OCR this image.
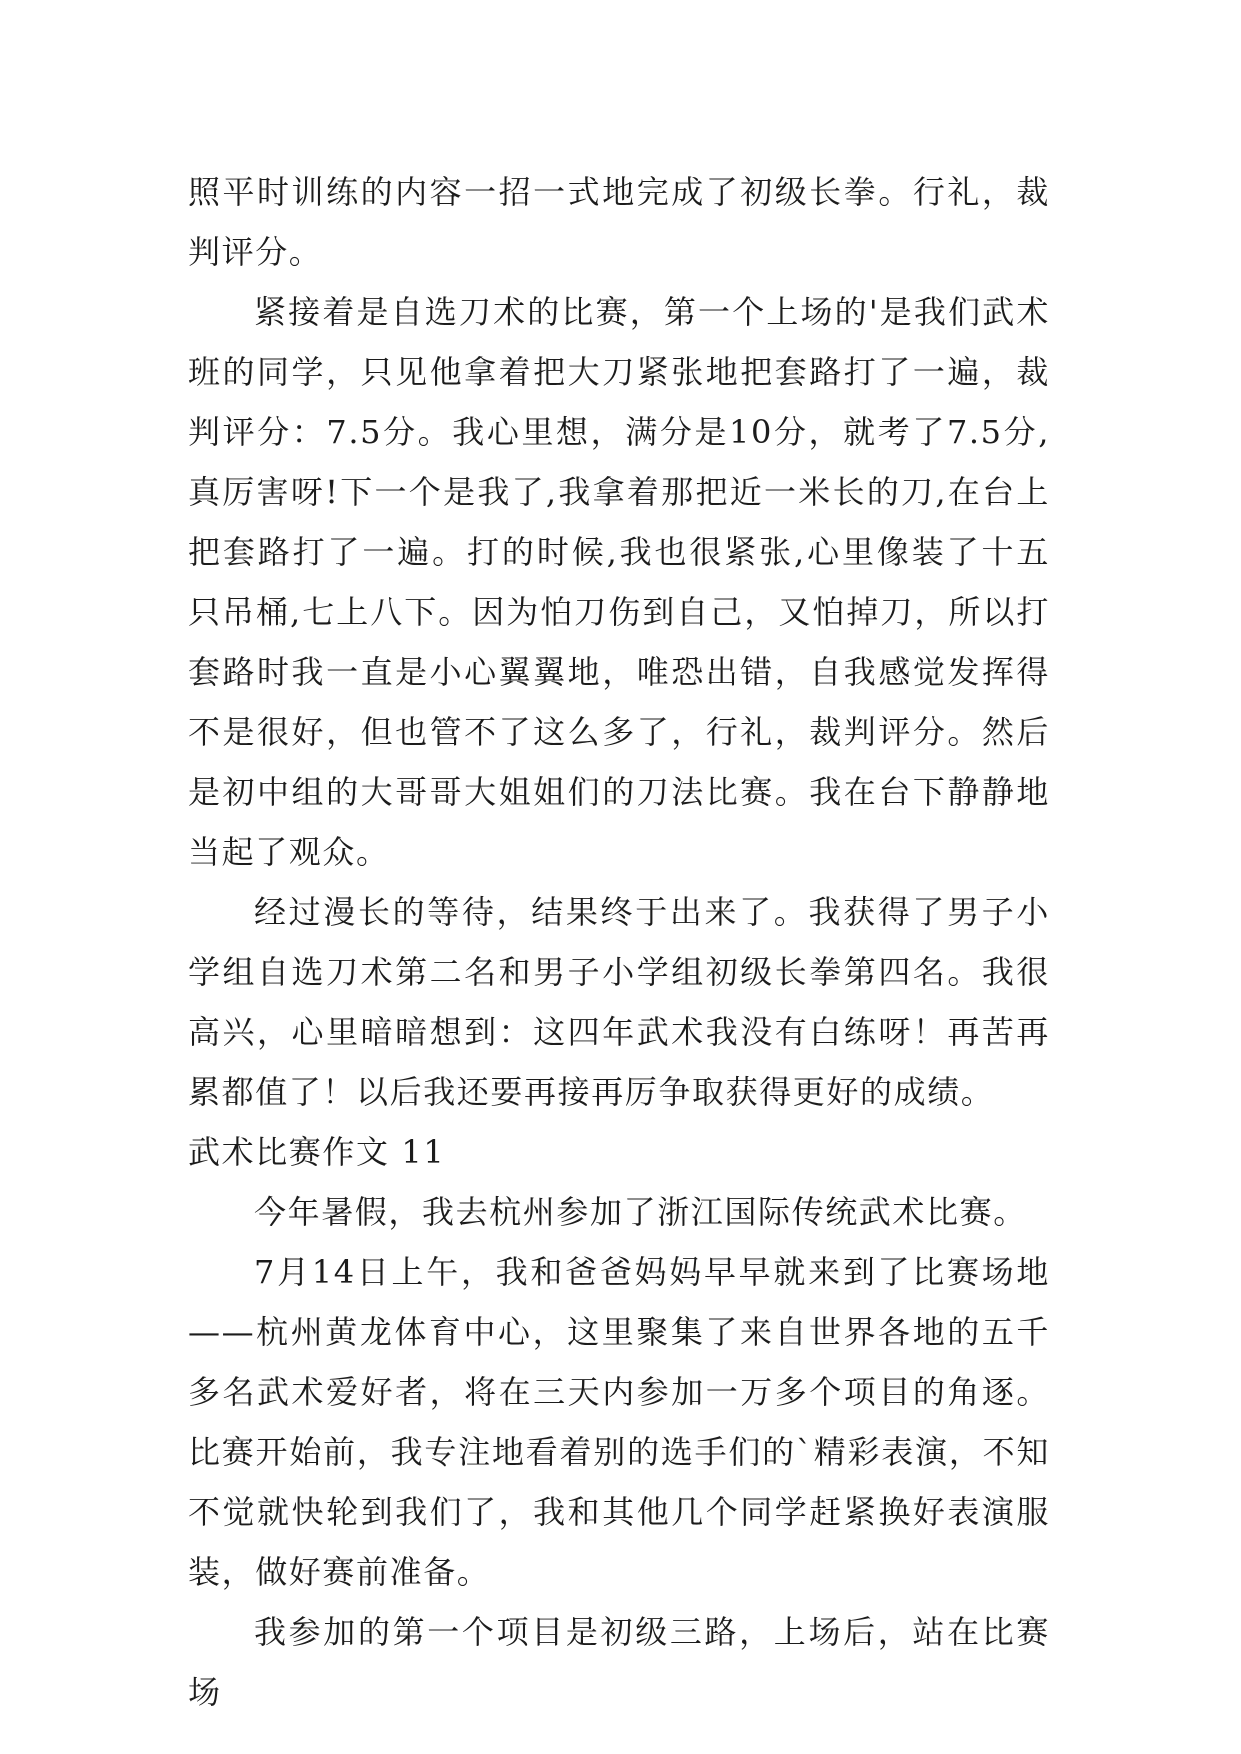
照平时训练的内容一招一式地完成了初级长拳。行礼，裁判评分。

紧接着是自选刀术的比赛，第一个上场的'是我们武术班的同学，只见他拿着把大刀紧张地把套路打了一遍，裁判评分：7.5分。我心里想，满分是10分，就考了7.5分,真厉害呀!下一个是我了,我拿着那把近一米长的刀,在台上把套路打了一遍。打的时候,我也很紧张,心里像装了十五只吊桶,七上八下。因为怕刀伤到自己，又怕掉刀，所以打套路时我一直是小心翼翼地，唯恐出错，自我感觉发挥得不是很好，但也管不了这么多了，行礼，裁判评分。然后是初中组的大哥哥大姐姐们的刀法比赛。我在台下静静地当起了观众。

经过漫长的等待，结果终于出来了。我获得了男子小学组自选刀术第二名和男子小学组初级长拳第四名。我很高兴，心里暗暗想到：这四年武术我没有白练呀！再苦再累都值了！以后我还要再接再厉争取获得更好的成绩。

武术比赛作文 11

今年暑假，我去杭州参加了浙江国际传统武术比赛。

7月14日上午，我和爸爸妈妈早早就来到了比赛场地——杭州黄龙体育中心，这里聚集了来自世界各地的五千多名武术爱好者，将在三天内参加一万多个项目的角逐。比赛开始前，我专注地看着别的选手们的`精彩表演，不知不觉就快轮到我们了，我和其他几个同学赶紧换好表演服装，做好赛前准备。

我参加的第一个项目是初级三路，上场后，站在比赛场
